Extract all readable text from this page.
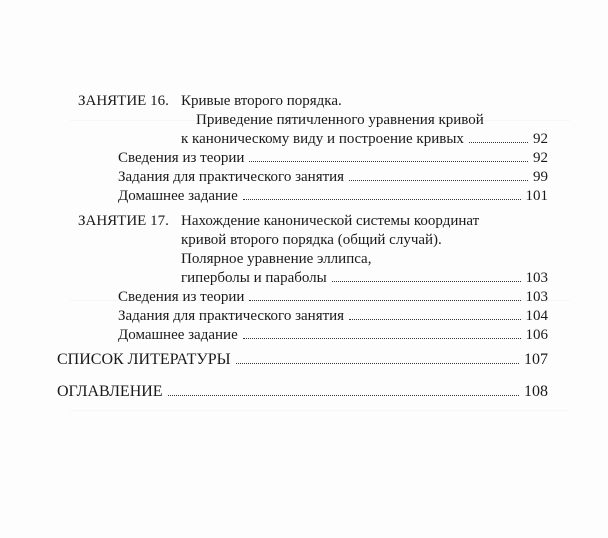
ЗАНЯТИЕ 16. Кривые второго порядка.
Приведение пятичленного уравнения кривой
к каноническому виду и построение кривых	92
Сведения из теории	92
Задания для практического занятия	99
Домашнее задание	101
ЗАНЯТИЕ 17. Нахождение канонической системы координат
кривой второго порядка (общий случай).
Полярное уравнение эллипса,
гиперболы и параболы	103
Сведения из теории	103
Задания для практического занятия	104
Домашнее задание	106
СПИСОК ЛИТЕРАТУРЫ	107
ОГЛАВЛЕНИЕ	108
